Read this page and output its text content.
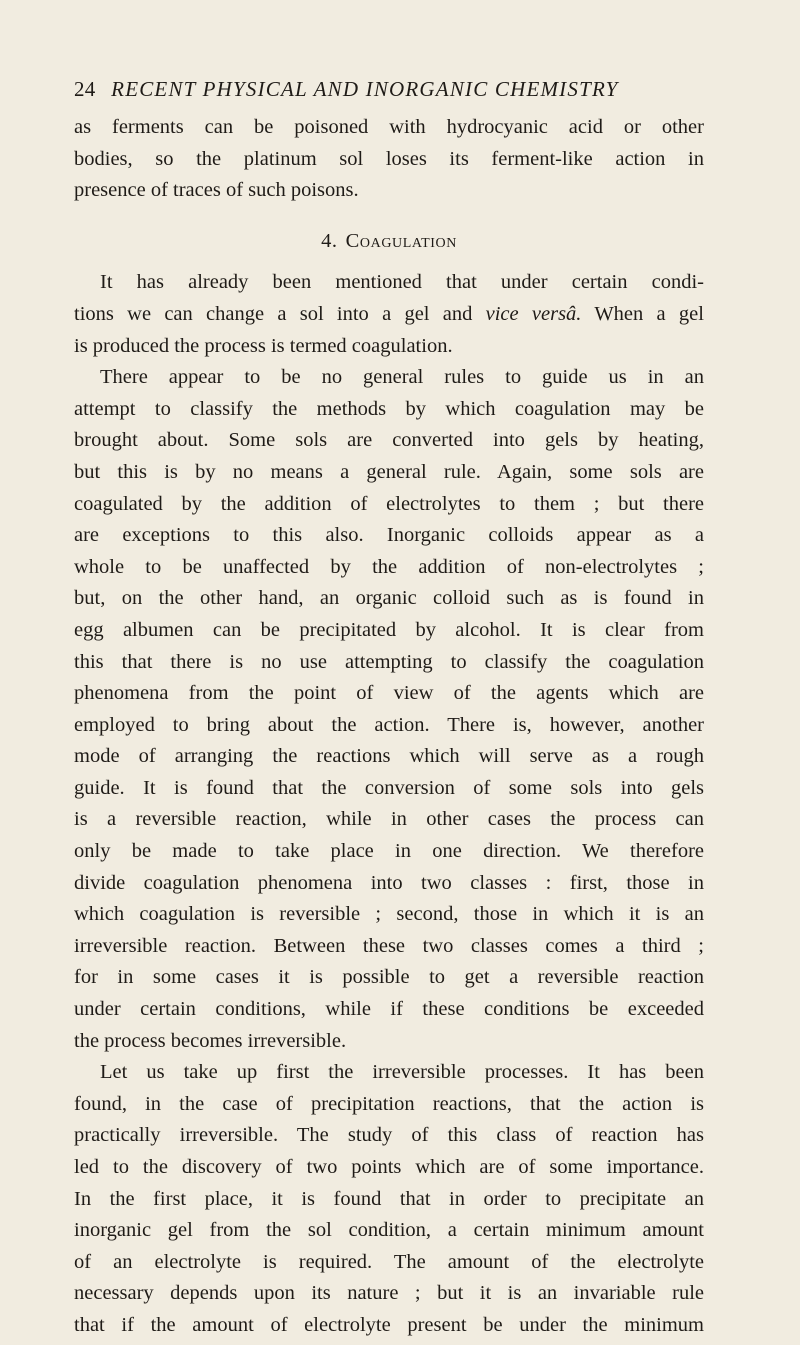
24 RECENT PHYSICAL AND INORGANIC CHEMISTRY
as ferments can be poisoned with hydrocyanic acid or other
bodies, so the platinum sol loses its ferment-like action in
presence of traces of such poisons.
4. Coagulation
It has already been mentioned that under certain condi-
tions we can change a sol into a gel and vice versâ. When a gel
is produced the process is termed coagulation.
There appear to be no general rules to guide us in an
attempt to classify the methods by which coagulation may be
brought about. Some sols are converted into gels by heating,
but this is by no means a general rule. Again, some sols are
coagulated by the addition of electrolytes to them ; but there
are exceptions to this also. Inorganic colloids appear as a
whole to be unaffected by the addition of non-electrolytes ;
but, on the other hand, an organic colloid such as is found in
egg albumen can be precipitated by alcohol. It is clear from
this that there is no use attempting to classify the coagulation
phenomena from the point of view of the agents which are
employed to bring about the action. There is, however, another
mode of arranging the reactions which will serve as a rough
guide. It is found that the conversion of some sols into gels
is a reversible reaction, while in other cases the process can
only be made to take place in one direction. We therefore
divide coagulation phenomena into two classes : first, those in
which coagulation is reversible ; second, those in which it is an
irreversible reaction. Between these two classes comes a third ;
for in some cases it is possible to get a reversible reaction
under certain conditions, while if these conditions be exceeded
the process becomes irreversible.
Let us take up first the irreversible processes. It has been
found, in the case of precipitation reactions, that the action is
practically irreversible. The study of this class of reaction has
led to the discovery of two points which are of some importance.
In the first place, it is found that in order to precipitate an
inorganic gel from the sol condition, a certain minimum amount
of an electrolyte is required. The amount of the electrolyte
necessary depends upon its nature ; but it is an invariable rule
that if the amount of electrolyte present be under the minimum
